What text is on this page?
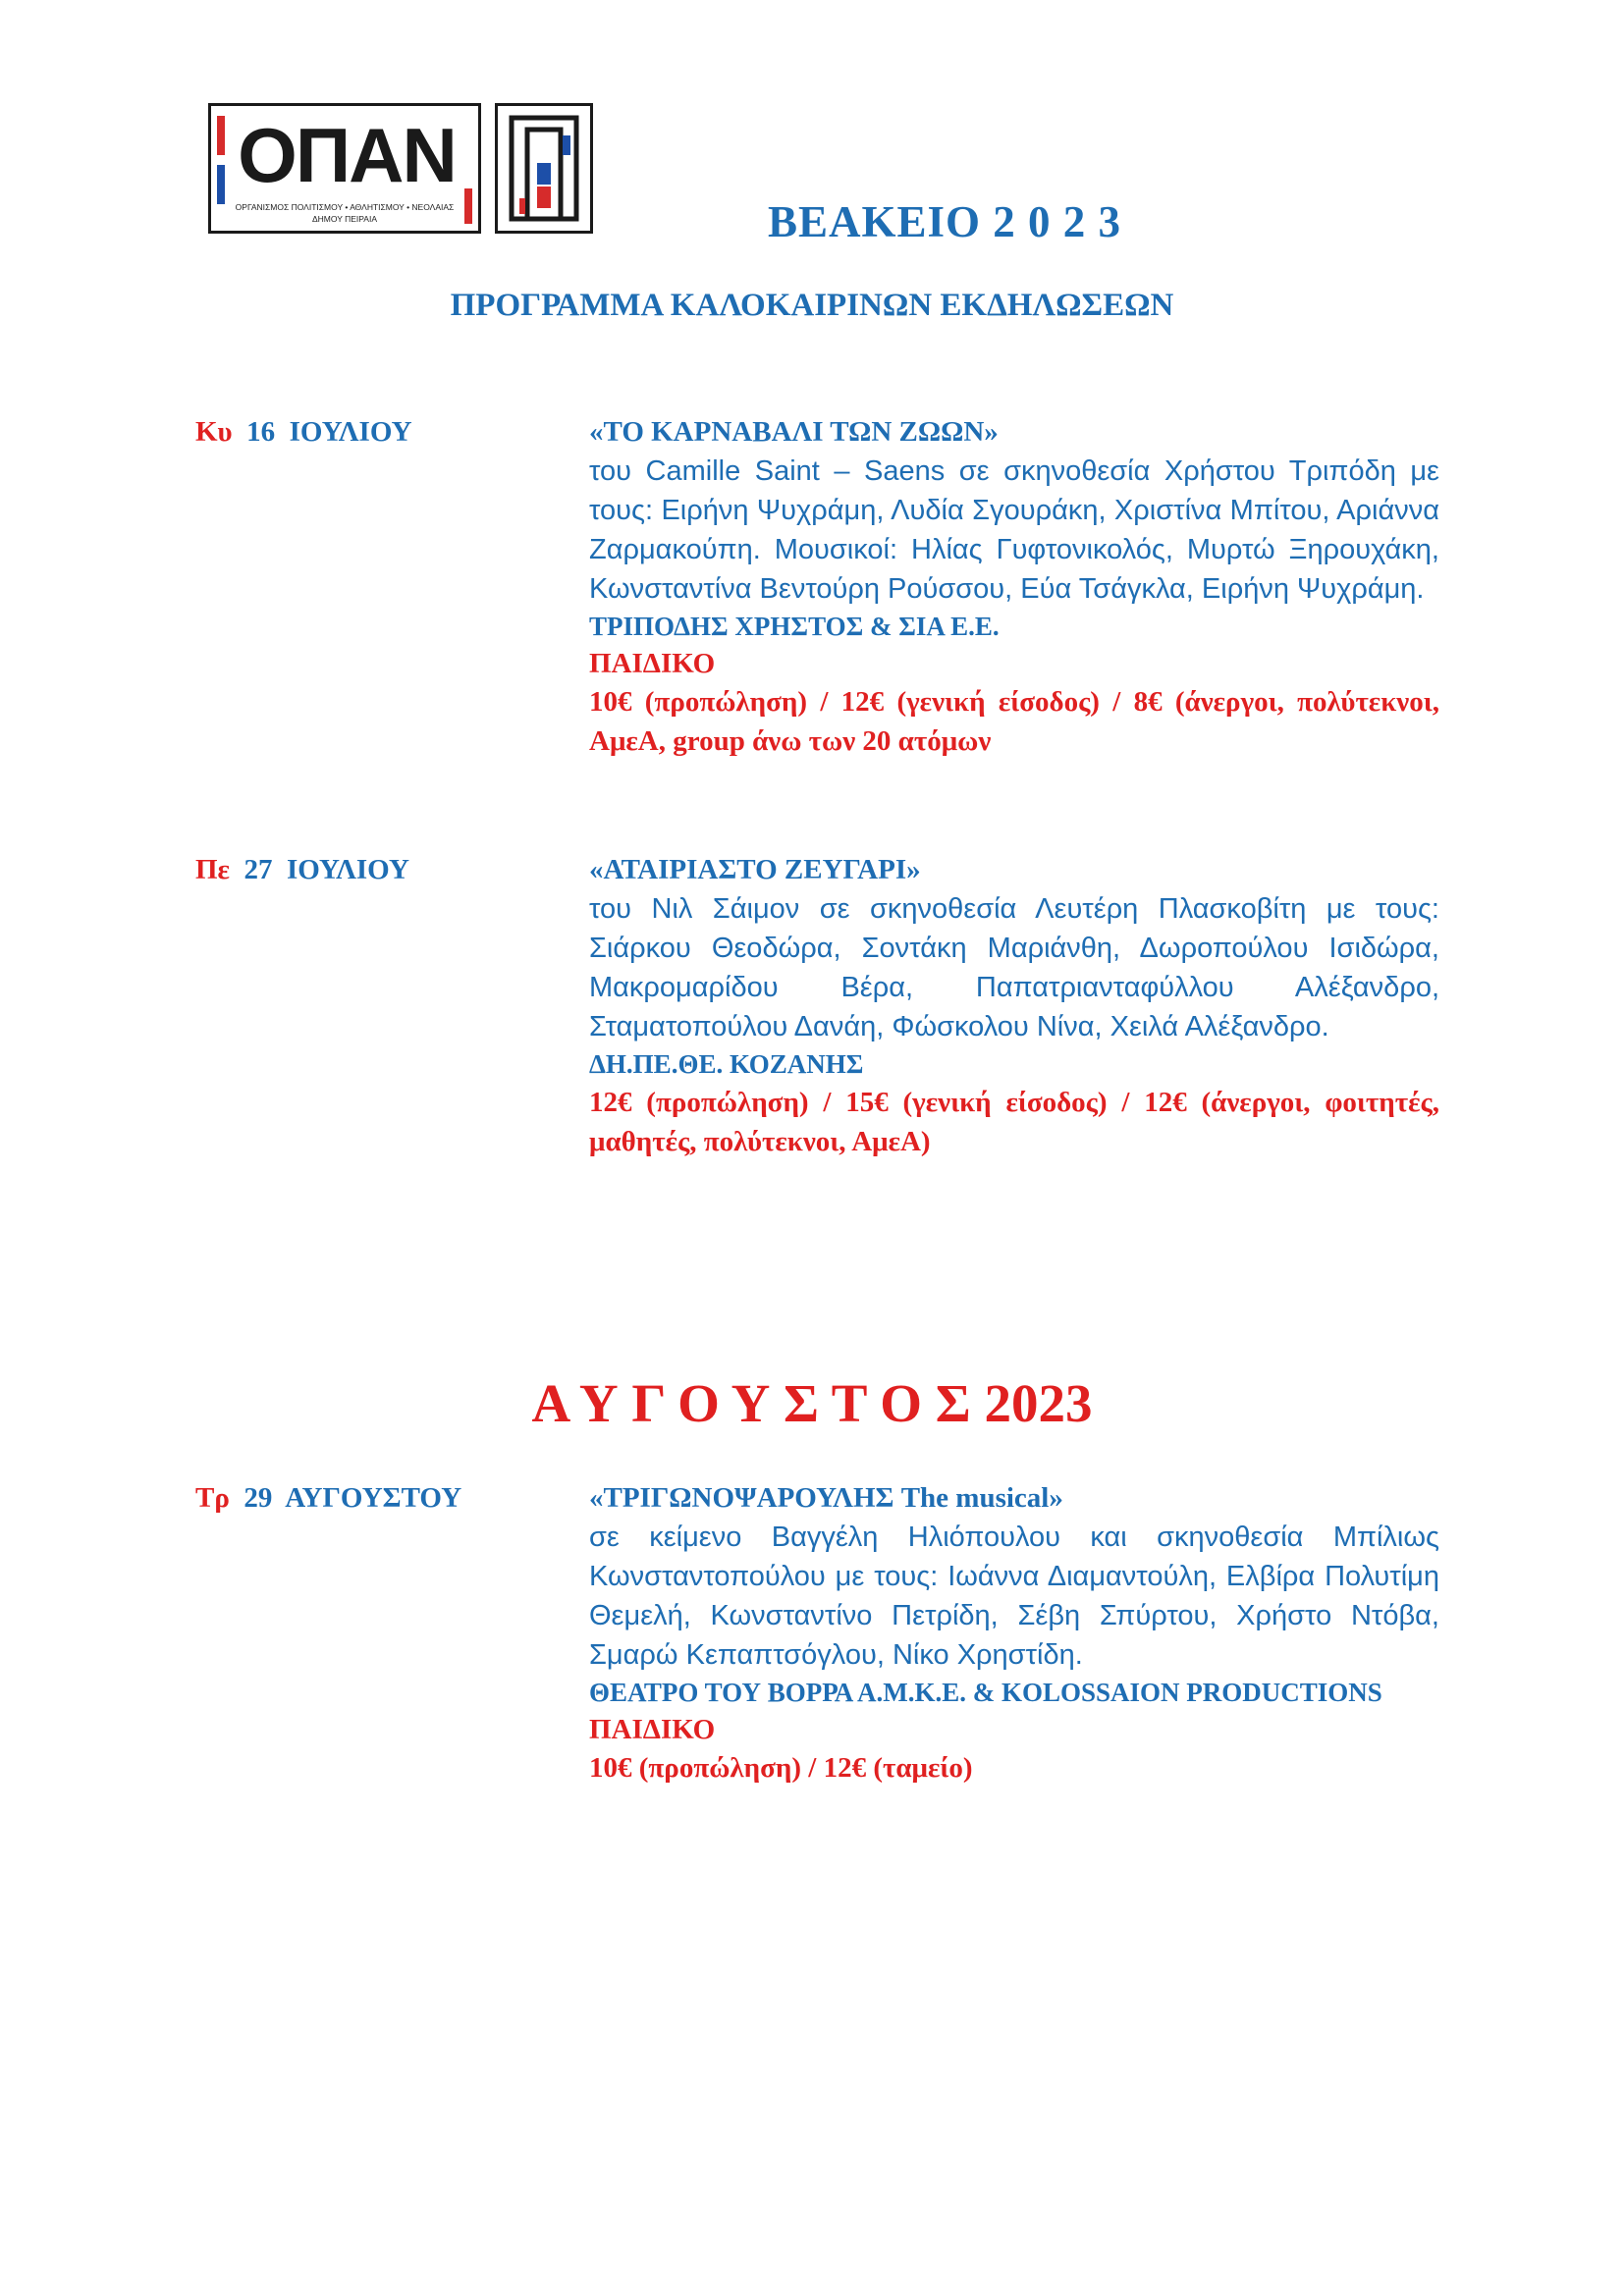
ΟΠΑΝ
ΟΡΓΑΝΙΣΜΟΣ ΠΟΛΙΤΙΣΜΟΥ • ΑΘΛΗΤΙΣΜΟΥ • ΝΕΟΛΑΙΑΣ
ΔΗΜΟΥ ΠΕΙΡΑΙΑ	ΒΕΑΚΕΙΟ 2 0 2 3
ΠΡΟΓΡΑΜΜΑ ΚΑΛΟΚΑΙΡΙΝΩΝ ΕΚΔΗΛΩΣΕΩΝ
Κυ 16  ΙΟΥΛΙΟΥ	«ΤΟ ΚΑΡΝΑΒΑΛΙ ΤΩΝ ΖΩΩΝ»
του Camille Saint – Saens σε σκηνοθεσία Χρήστου Τριπόδη με τους: Ειρήνη Ψυχράμη, Λυδία Σγουράκη, Χριστίνα Μπίτου, Αριάννα Ζαρμακούπη. Μουσικοί: Ηλίας Γυφτονικολός, Μυρτώ Ξηρουχάκη, Κωνσταντίνα Βεντούρη Ρούσσου, Εύα Τσάγκλα, Ειρήνη Ψυχράμη.
ΤΡΙΠΟΔΗΣ ΧΡΗΣΤΟΣ & ΣΙΑ Ε.Ε.
ΠΑΙΔΙΚΟ
10€ (προπώληση) / 12€ (γενική είσοδος) / 8€ (άνεργοι, πολύτεκνοι, ΑμεΑ, group άνω των 20 ατόμων
Πε 27  ΙΟΥΛΙΟΥ	«ΑΤΑΙΡΙΑΣΤΟ ΖΕΥΓΑΡΙ»
του Νιλ Σάιμον σε σκηνοθεσία Λευτέρη Πλασκοβίτη με τους: Σιάρκου Θεοδώρα, Σοντάκη Μαριάνθη, Δωροπούλου Ισιδώρα, Μακρομαρίδου Βέρα, Παπατριανταφύλλου Αλέξανδρο, Σταματοπούλου Δανάη, Φώσκολου Νίνα, Χειλά Αλέξανδρο.
ΔΗ.ΠΕ.ΘΕ. ΚΟΖΑΝΗΣ
12€ (προπώληση) / 15€ (γενική είσοδος) / 12€ (άνεργοι, φοιτητές, μαθητές, πολύτεκνοι, ΑμεΑ)
Α Υ Γ Ο Υ Σ Τ Ο Σ 2023
Τρ 29  ΑΥΓΟΥΣΤΟΥ	«ΤΡΙΓΩΝΟΨΑΡΟΥΛΗΣ The musical»
σε κείμενο Βαγγέλη Ηλιόπουλου και σκηνοθεσία Μπίλιως Κωνσταντοπούλου με τους: Ιωάννα Διαμαντούλη, Ελβίρα Πολυτίμη Θεμελή, Κωνσταντίνο Πετρίδη, Σέβη Σπύρτου, Χρήστο Ντόβα, Σμαρώ Κεπαπτσόγλου, Νίκο Χρηστίδη.
ΘΕΑΤΡΟ ΤΟΥ ΒΟΡΡΑ Α.Μ.Κ.Ε. & KOLOSSAION PRODUCTIONS
ΠΑΙΔΙΚΟ
10€ (προπώληση) / 12€ (ταμείο)
